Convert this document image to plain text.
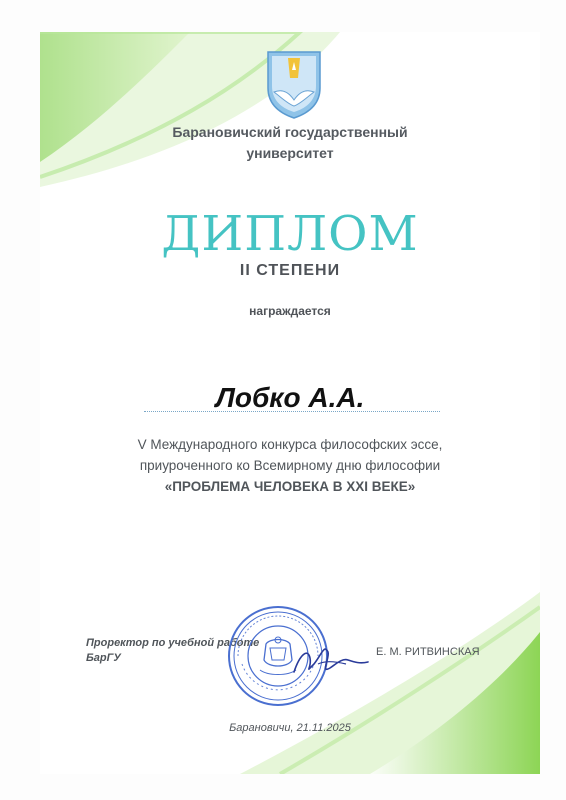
Барановичский государственный
университет
ДИПЛОМ
II СТЕПЕНИ
награждается
Лобко А.А.
V Международного конкурса философских эссе,
приуроченного ко Всемирному дню философии
«ПРОБЛЕМА ЧЕЛОВЕКА В XXI ВЕКЕ»
Проректор по учебной работе
БарГУ	Е. М. РИТВИНСКАЯ
Барановичи, 21.11.2025
